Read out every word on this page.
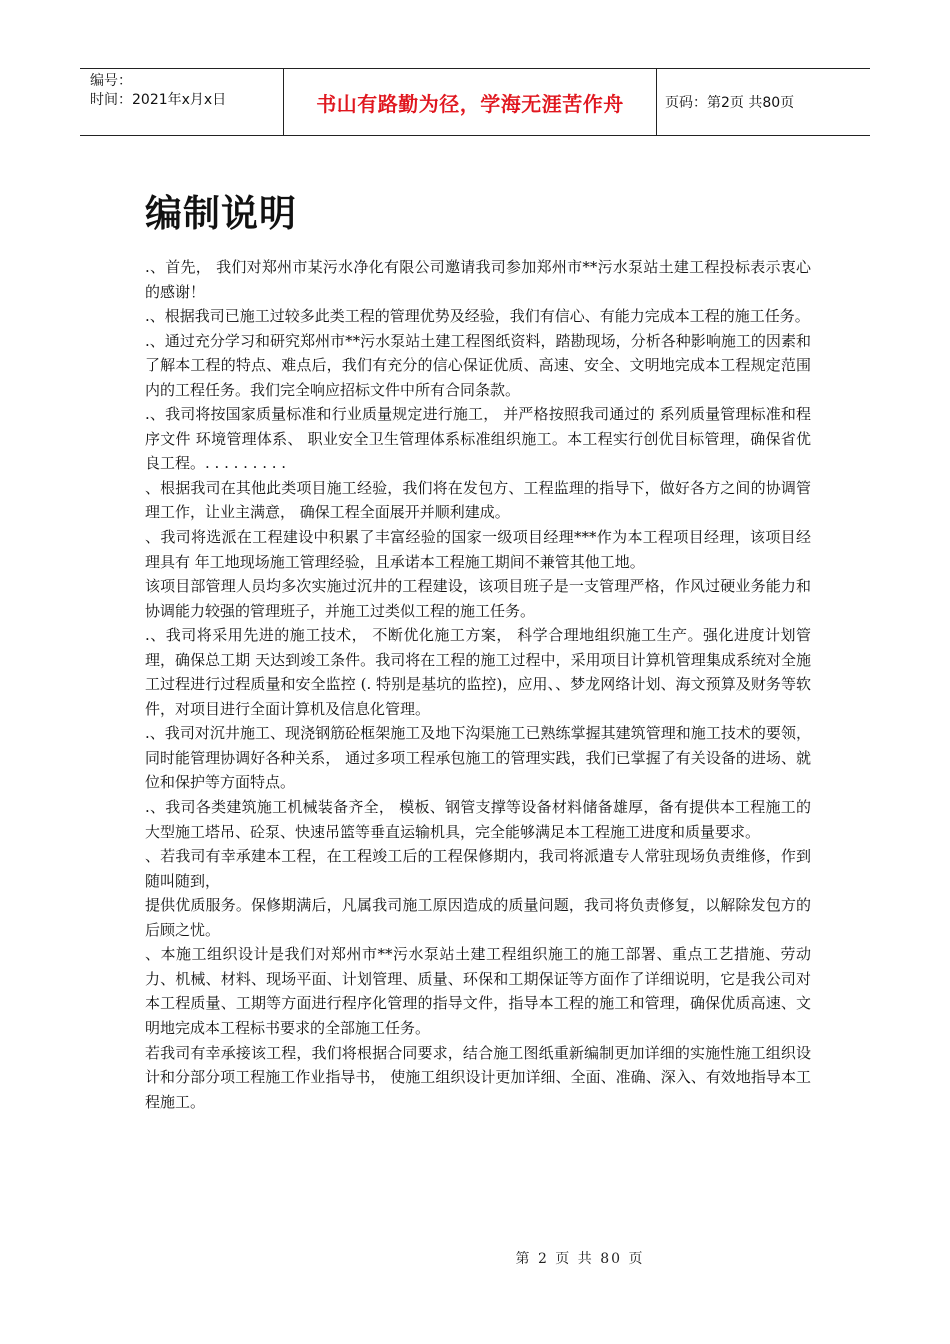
编号：
时间：2021年x月x日	书山有路勤为径，学海无涯苦作舟	页码：第2页 共80页
编制说明

.、首先， 我们对郑州市某污水净化有限公司邀请我司参加郑州市**污水泵站土建工程投标表示衷心的感谢！

.、根据我司已施工过较多此类工程的管理优势及经验，我们有信心、有能力完成本工程的施工任务。

.、通过充分学习和研究郑州市**污水泵站土建工程图纸资料，踏勘现场，分析各种影响施工的因素和了解本工程的特点、难点后，我们有充分的信心保证优质、高速、安全、文明地完成本工程规定范围内的工程任务。我们完全响应招标文件中所有合同条款。

.、我司将按国家质量标准和行业质量规定进行施工， 并严格按照我司通过的 系列质量管理标准和程序文件 环境管理体系、 职业安全卫生管理体系标准组织施工。本工程实行创优目标管理，确保省优良工程。. . . . . . . . .

、根据我司在其他此类项目施工经验，我们将在发包方、工程监理的指导下，做好各方之间的协调管理工作，让业主满意， 确保工程全面展开并顺利建成。

、我司将选派在工程建设中积累了丰富经验的国家一级项目经理***作为本工程项目经理，该项目经理具有 年工地现场施工管理经验，且承诺本工程施工期间不兼管其他工地。

该项目部管理人员均多次实施过沉井的工程建设，该项目班子是一支管理严格，作风过硬业务能力和协调能力较强的管理班子，并施工过类似工程的施工任务。

.、我司将采用先进的施工技术， 不断优化施工方案， 科学合理地组织施工生产。强化进度计划管理，确保总工期 天达到竣工条件。我司将在工程的施工过程中，采用项目计算机管理集成系统对全施工过程进行过程质量和安全监控 (. 特别是基坑的监控)，应用、、梦龙网络计划、海文预算及财务等软件，对项目进行全面计算机及信息化管理。

.、我司对沉井施工、现浇钢筋砼框架施工及地下沟渠施工已熟练掌握其建筑管理和施工技术的要领，同时能管理协调好各种关系， 通过多项工程承包施工的管理实践，我们已掌握了有关设备的进场、就位和保护等方面特点。

.、我司各类建筑施工机械装备齐全， 模板、钢管支撑等设备材料储备雄厚，备有提供本工程施工的大型施工塔吊、砼泵、快速吊篮等垂直运输机具，完全能够满足本工程施工进度和质量要求。

、若我司有幸承建本工程，在工程竣工后的工程保修期内，我司将派遣专人常驻现场负责维修，作到随叫随到，

提供优质服务。保修期满后，凡属我司施工原因造成的质量问题，我司将负责修复，以解除发包方的后顾之忧。

、本施工组织设计是我们对郑州市**污水泵站土建工程组织施工的施工部署、重点工艺措施、劳动力、机械、材料、现场平面、计划管理、质量、环保和工期保证等方面作了详细说明，它是我公司对本工程质量、工期等方面进行程序化管理的指导文件，指导本工程的施工和管理，确保优质高速、文明地完成本工程标书要求的全部施工任务。

若我司有幸承接该工程，我们将根据合同要求，结合施工图纸重新编制更加详细的实施性施工组织设计和分部分项工程施工作业指导书， 使施工组织设计更加详细、全面、准确、深入、有效地指导本工程施工。

第 2 页 共 80 页
